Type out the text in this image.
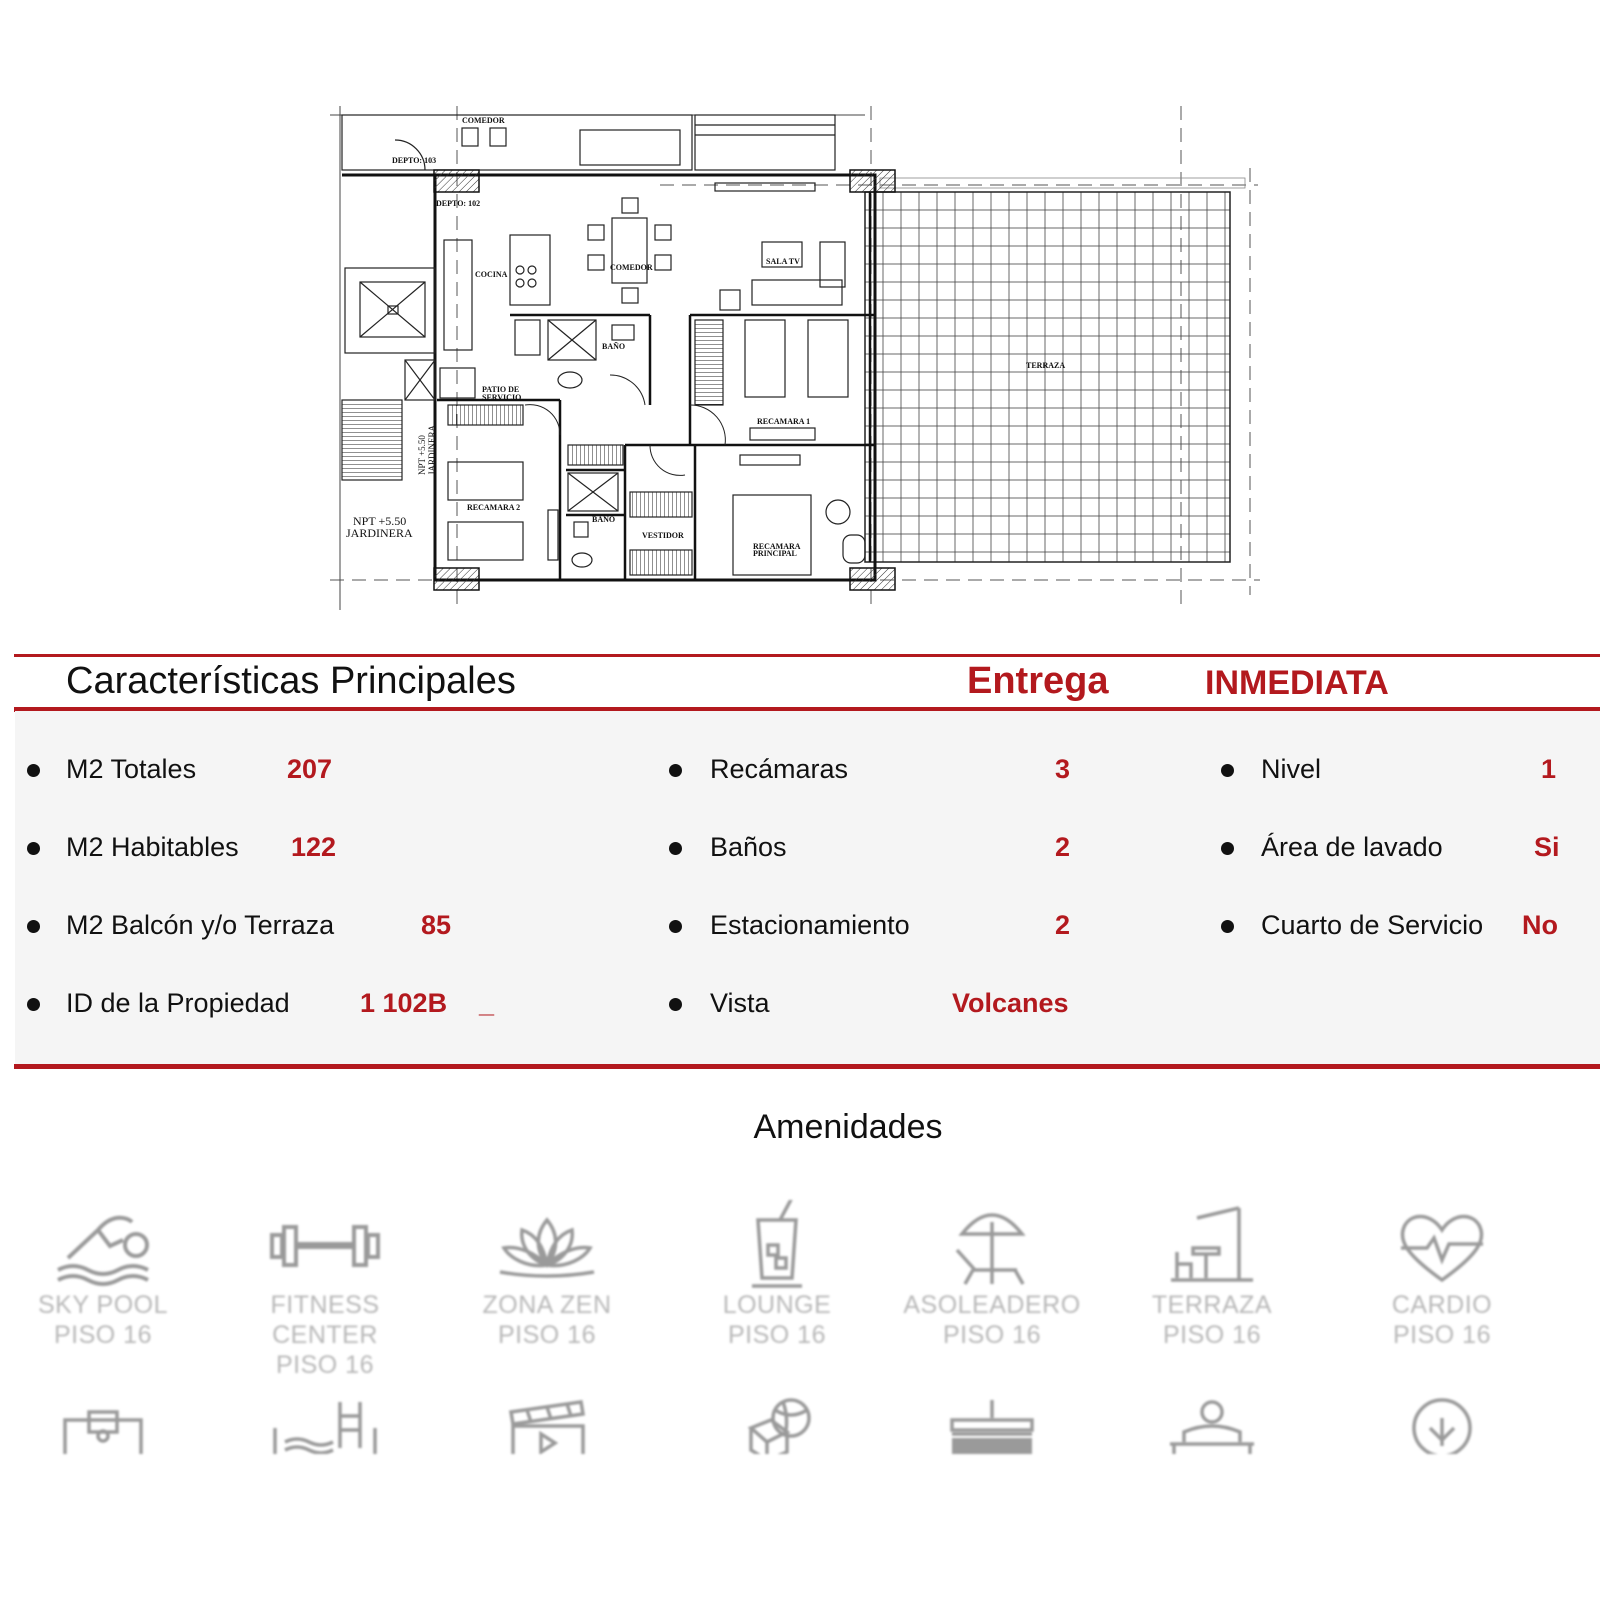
COMEDOR
DEPTO: 103
DEPTO: 102
COCINA
COMEDOR
SALA TV
TERRAZA
BAÑO
PATIO DE
SERVICIO
RECAMARA 1
RECAMARA 2
BAÑO
VESTIDOR
RECAMARA
PRINCIPAL
NPT +5.50
JARDINERA
NPT +5.50 JARDINERA
Características Principales	Entrega	INMEDIATA
M2 Totales	207
M2 Habitables 122
M2 Balcón y/o Terraza	85
ID de la Propiedad	1 102B _
Recámaras	3
Baños	2
Estacionamiento	2
Vista	Volcanes
Nivel	1
Área de lavado	Si
Cuarto de Servicio No
Amenidades
SKY POOL
PISO 16
FITNESS CENTER
PISO 16
ZONA ZEN
PISO 16
LOUNGE
PISO 16
ASOLEADERO
PISO 16
TERRAZA
PISO 16
CARDIO
PISO 16
